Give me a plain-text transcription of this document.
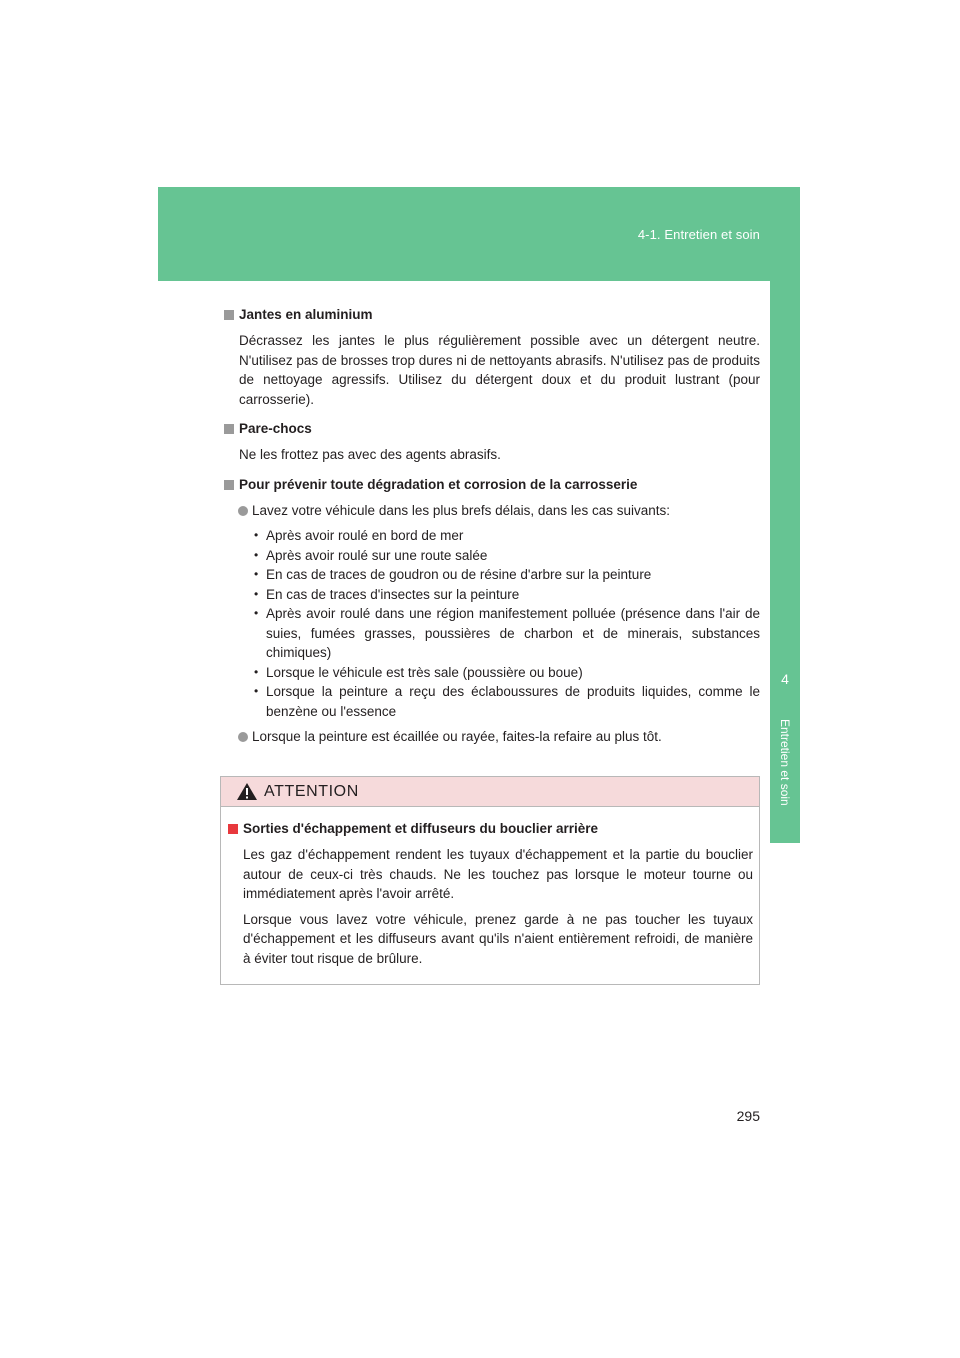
4-1. Entretien et soin
4
Entretien et soin

Jantes en aluminium

Décrassez les jantes le plus régulièrement possible avec un détergent neutre. N'utilisez pas de brosses trop dures ni de nettoyants abrasifs. N'utilisez pas de produits de nettoyage agressifs. Utilisez du détergent doux et du produit lustrant (pour carrosserie).

Pare-chocs

Ne les frottez pas avec des agents abrasifs.

Pour prévenir toute dégradation et corrosion de la carrosserie

Lavez votre véhicule dans les plus brefs délais, dans les cas suivants:

• Après avoir roulé en bord de mer
• Après avoir roulé sur une route salée
• En cas de traces de goudron ou de résine d'arbre sur la peinture
• En cas de traces d'insectes sur la peinture
• Après avoir roulé dans une région manifestement polluée (présence dans l'air de suies, fumées grasses, poussières de charbon et de minerais, substances chimiques)
• Lorsque le véhicule est très sale (poussière ou boue)
• Lorsque la peinture a reçu des éclaboussures de produits liquides, comme le benzène ou l'essence

Lorsque la peinture est écaillée ou rayée, faites-la refaire au plus tôt.

ATTENTION

Sorties d'échappement et diffuseurs du bouclier arrière

Les gaz d'échappement rendent les tuyaux d'échappement et la partie du bouclier autour de ceux-ci très chauds. Ne les touchez pas lorsque le moteur tourne ou immédiatement après l'avoir arrêté.

Lorsque vous lavez votre véhicule, prenez garde à ne pas toucher les tuyaux d'échappement et les diffuseurs avant qu'ils n'aient entièrement refroidi, de manière à éviter tout risque de brûlure.

295
